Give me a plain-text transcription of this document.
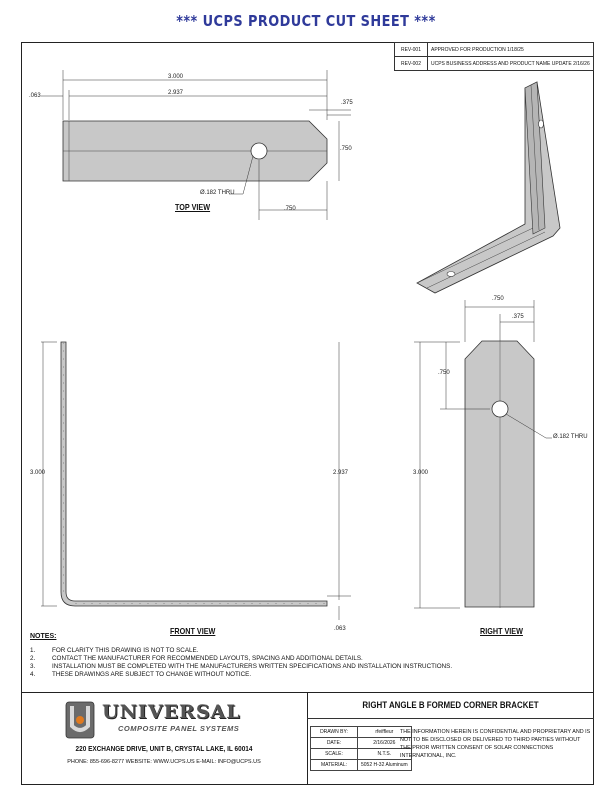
*** UCPS PRODUCT CUT SHEET ***
REV-001	APPROVED FOR PRODUCTION 1/18/25
REV-002	UCPS BUSINESS ADDRESS AND PRODUCT NAME UPDATE 2/16/26
3.000
2.937
.063
.375
.750
.750
Ø.182 THRU
TOP VIEW
3.000	2.937
.063
FRONT VIEW
.750
.375
.750
3.000
Ø.182 THRU
RIGHT VIEW
NOTES:
1.	FOR CLARITY THIS DRAWING IS NOT TO SCALE.
2.	CONTACT THE MANUFACTURER FOR RECOMMENDED LAYOUTS, SPACING AND ADDITIONAL DETAILS.
3.	INSTALLATION MUST BE COMPLETED WITH THE MANUFACTURERS WRITTEN SPECIFICATIONS AND INSTALLATION INSTRUCTIONS.
4.	THESE DRAWINGS ARE SUBJECT TO CHANGE WITHOUT NOTICE.
UNIVERSAL
COMPOSITE PANEL SYSTEMS
220 EXCHANGE DRIVE, UNIT B, CRYSTAL LAKE, IL 60014
PHONE: 855-696-8277 WEBSITE: WWW.UCPS.US E-MAIL: INFO@UCPS.US
RIGHT ANGLE B FORMED CORNER BRACKET
DRAWN BY:	rfeiffleur
DATE:	2/16/2026
SCALE:	N.T.S.
MATERIAL:	5052 H-32 Aluminum
THE INFORMATION HEREIN IS CONFIDENTIAL AND PROPRIETARY AND IS NOT TO BE DISCLOSED OR DELIVERED TO THIRD PARTIES WITHOUT THE PRIOR WRITTEN CONSENT OF SOLAR CONNECTIONS INTERNATIONAL, INC.
